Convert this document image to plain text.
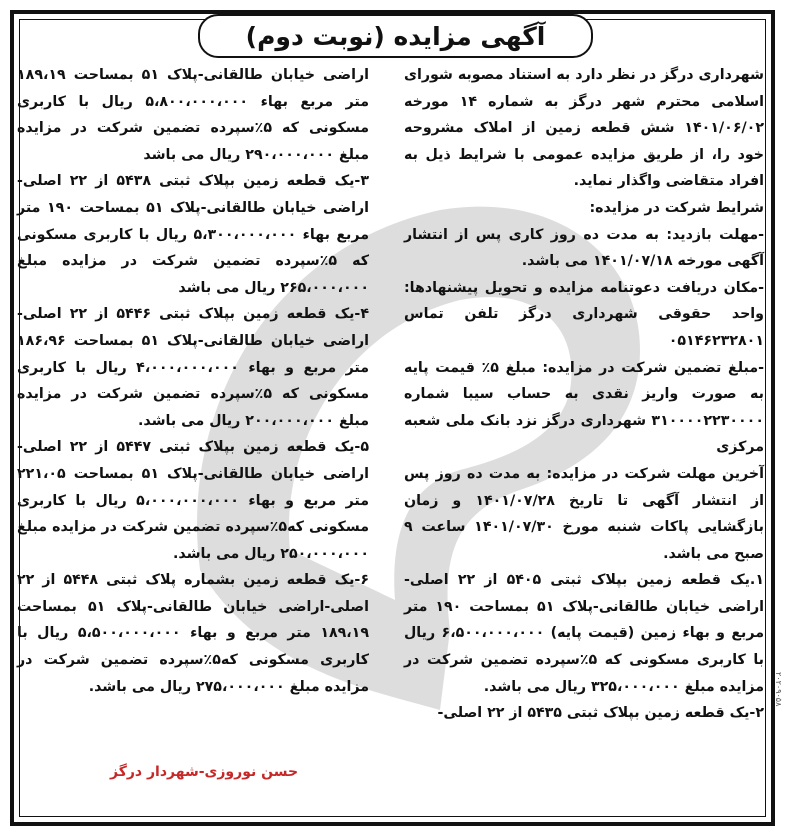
آگهی مزایده (نوبت دوم)

شهرداری درگز در نظر دارد به استناد مصوبه شورای اسلامی محترم شهر درگز به شماره ۱۴ مورخه ۱۴۰۱/۰۶/۰۲ شش قطعه زمین از املاک مشروحه خود را، از طریق مزایده عمومی با شرایط ذیل به افراد متقاضی واگذار نماید.

شرایط شرکت در مزایده:

-مهلت بازدید: به مدت ده روز کاری پس از انتشار آگهی مورخه ۱۴۰۱/۰۷/۱۸ می باشد.

-مکان دریافت دعوتنامه مزایده و تحویل پیشنهادها: واحد حقوقی شهرداری درگز تلفن تماس ۰۵۱۴۶۲۳۲۸۰۱

-مبلغ تضمین شرکت در مزایده: مبلغ ۵٪ قیمت پایه به صورت واریز نقدی به حساب سیبا شماره ۳۱۰۰۰۰۲۲۳۰۰۰۰ شهرداری درگز نزد بانک ملی شعبه مرکزی

آخرین مهلت شرکت در مزایده: به مدت ده روز پس از انتشار آگهی تا تاریخ ۱۴۰۱/۰۷/۲۸ و زمان بازگشایی پاکات شنبه مورخ ۱۴۰۱/۰۷/۳۰ ساعت ۹ صبح می باشد.

۱.یک قطعه زمین بپلاک ثبتی ۵۴۰۵ از ۲۲ اصلی-اراضی خیابان طالقانی-پلاک ۵۱ بمساحت ۱۹۰ متر مربع و بهاء زمین (قیمت پایه) ۶،۵۰۰،۰۰۰،۰۰۰ ریال با کاربری مسکونی که ۵٪سپرده تضمین شرکت در مزایده مبلغ ۳۲۵،۰۰۰،۰۰۰ ریال می باشد.

۲-یک قطعه زمین بپلاک ثبتی ۵۴۳۵ از ۲۲ اصلی-

اراضی خیابان طالقانی-پلاک ۵۱ بمساحت ۱۸۹،۱۹ متر مربع بهاء ۵،۸۰۰،۰۰۰،۰۰۰ ریال با کاربری مسکونی که ۵٪سپرده تضمین شرکت در مزایده مبلغ ۲۹۰،۰۰۰،۰۰۰ ریال می باشد

۳-یک قطعه زمین بپلاک ثبتی ۵۴۳۸ از ۲۲ اصلی-اراضی خیابان طالقانی-پلاک ۵۱ بمساحت ۱۹۰ متر مربع بهاء ۵،۳۰۰،۰۰۰،۰۰۰ ریال با کاربری مسکونی که ۵٪سپرده تضمین شرکت در مزایده مبلغ ۲۶۵،۰۰۰،۰۰۰ ریال می باشد

۴-یک قطعه زمین بپلاک ثبتی ۵۴۴۶ از ۲۲ اصلی-اراضی خیابان طالقانی-پلاک ۵۱ بمساحت ۱۸۶،۹۶ متر مربع و بهاء ۴،۰۰۰،۰۰۰،۰۰۰ ریال با کاربری مسکونی که ۵٪سپرده تضمین شرکت در مزایده مبلغ ۲۰۰،۰۰۰،۰۰۰ ریال می باشد.

۵-یک قطعه زمین بپلاک ثبتی ۵۴۴۷ از ۲۲ اصلی-اراضی خیابان طالقانی-پلاک ۵۱ بمساحت ۲۲۱،۰۵ متر مربع و بهاء ۵،۰۰۰،۰۰۰،۰۰۰ ریال با کاربری مسکونی که۵٪سپرده تضمین شرکت در مزایده مبلغ ۲۵۰،۰۰۰،۰۰۰ ریال می باشد.

۶-یک قطعه زمین بشماره پلاک ثبتی ۵۴۴۸ از ۲۲ اصلی-اراضی خیابان طالقانی-پلاک ۵۱ بمساحت ۱۸۹،۱۹ متر مربع و بهاء ۵،۵۰۰،۰۰۰،۰۰۰ ریال با کاربری مسکونی که۵٪سپرده تضمین شرکت در مزایده مبلغ ۲۷۵،۰۰۰،۰۰۰ ریال می باشد.

حسن نوروزی-شهردار درگز
۲۰۲۰۹۰۵۸
